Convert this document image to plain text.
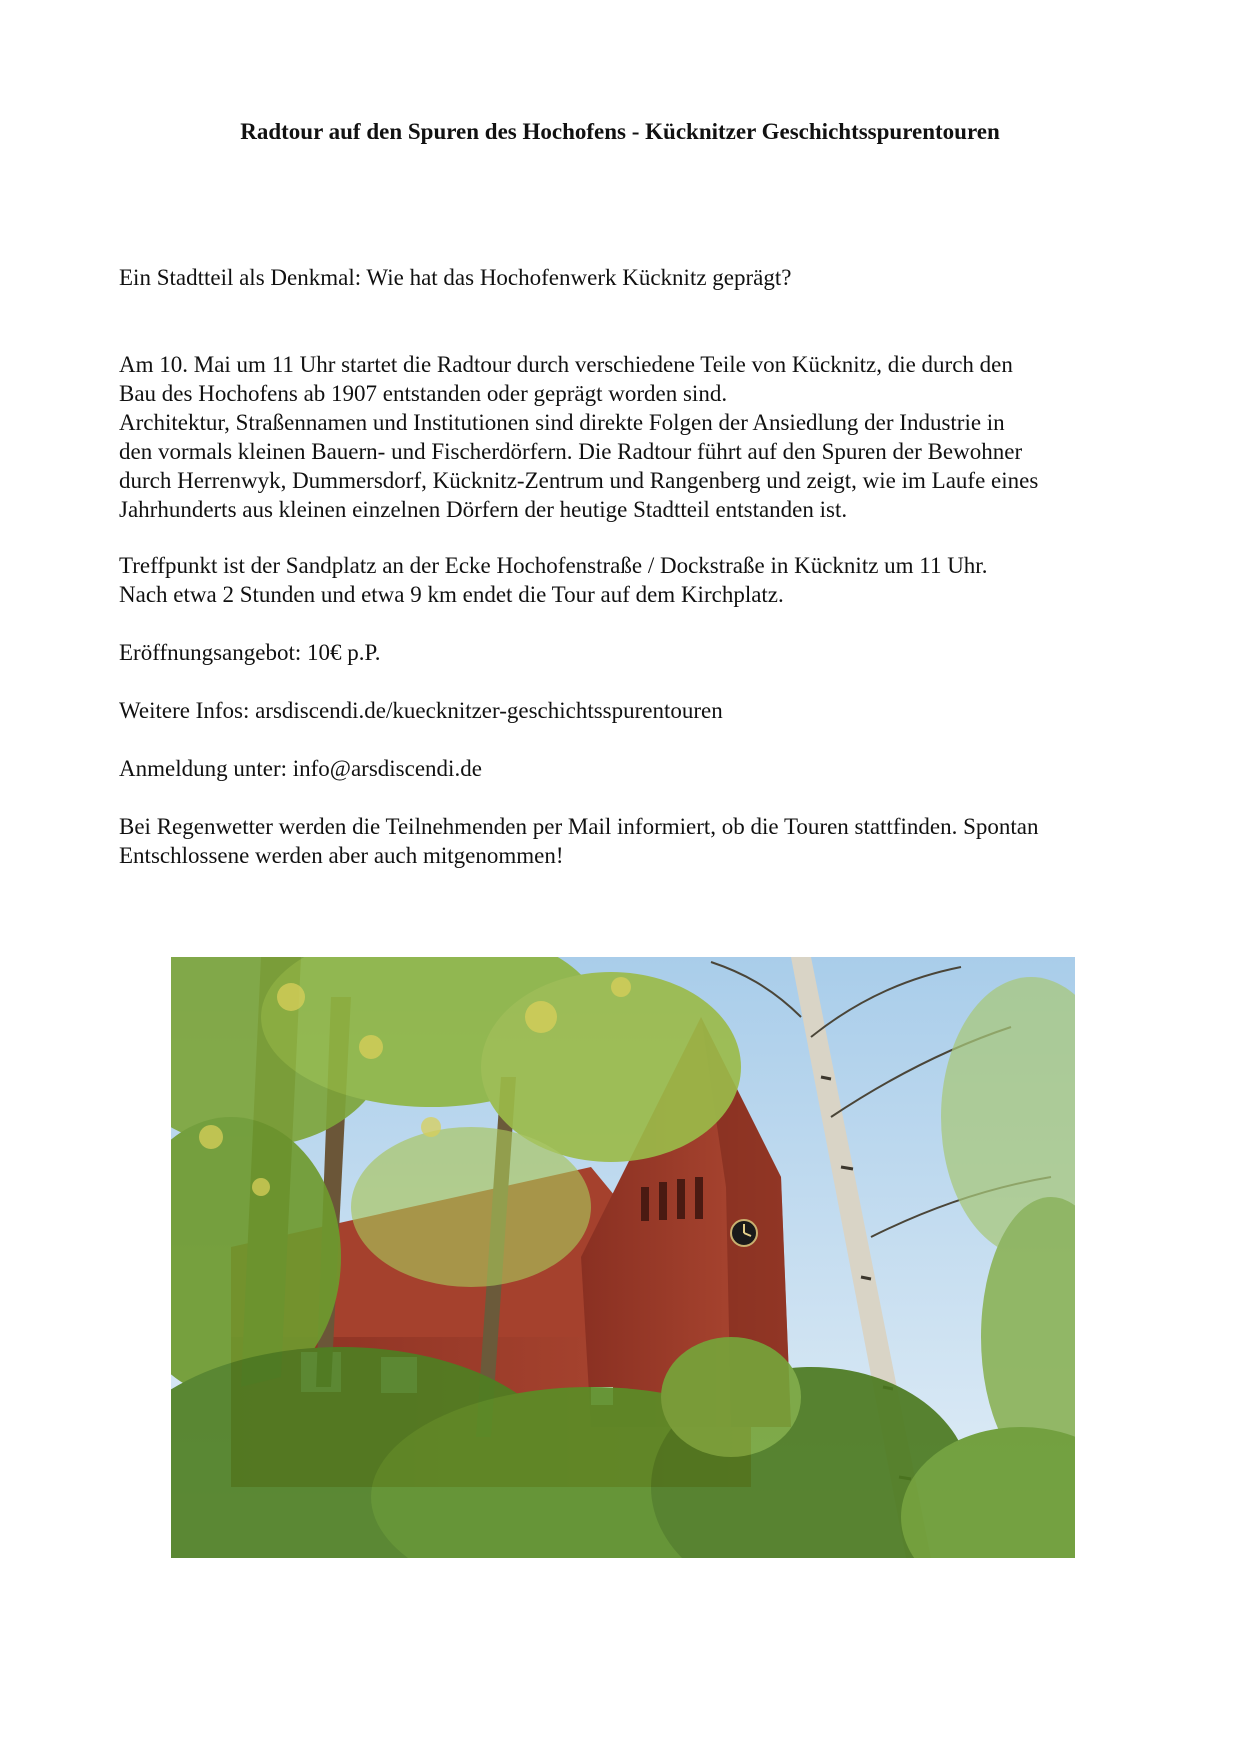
Radtour auf den Spuren des Hochofens - Kücknitzer Geschichtsspurentouren

Ein Stadtteil als Denkmal: Wie hat das Hochofenwerk Kücknitz geprägt?

Am 10. Mai um 11 Uhr startet die Radtour durch verschiedene Teile von Kücknitz, die durch den

Bau des Hochofens ab 1907 entstanden oder geprägt worden sind.

Architektur, Straßennamen und Institutionen sind direkte Folgen der Ansiedlung der Industrie in

den vormals kleinen Bauern- und Fischerdörfern. Die Radtour führt auf den Spuren der Bewohner

durch Herrenwyk, Dummersdorf, Kücknitz-Zentrum und Rangenberg und zeigt, wie im Laufe eines

Jahrhunderts aus kleinen einzelnen Dörfern der heutige Stadtteil entstanden ist.

Treffpunkt ist der Sandplatz an der Ecke Hochofenstraße / Dockstraße in Kücknitz um 11 Uhr.

Nach etwa 2 Stunden und etwa 9 km endet die Tour auf dem Kirchplatz.

Eröffnungsangebot: 10€ p.P.

Weitere Infos: arsdiscendi.de/kuecknitzer-geschichtsspurentouren

Anmeldung unter: info@arsdiscendi.de

Bei Regenwetter werden die Teilnehmenden per Mail informiert, ob die Touren stattfinden. Spontan

Entschlossene werden aber auch mitgenommen!
